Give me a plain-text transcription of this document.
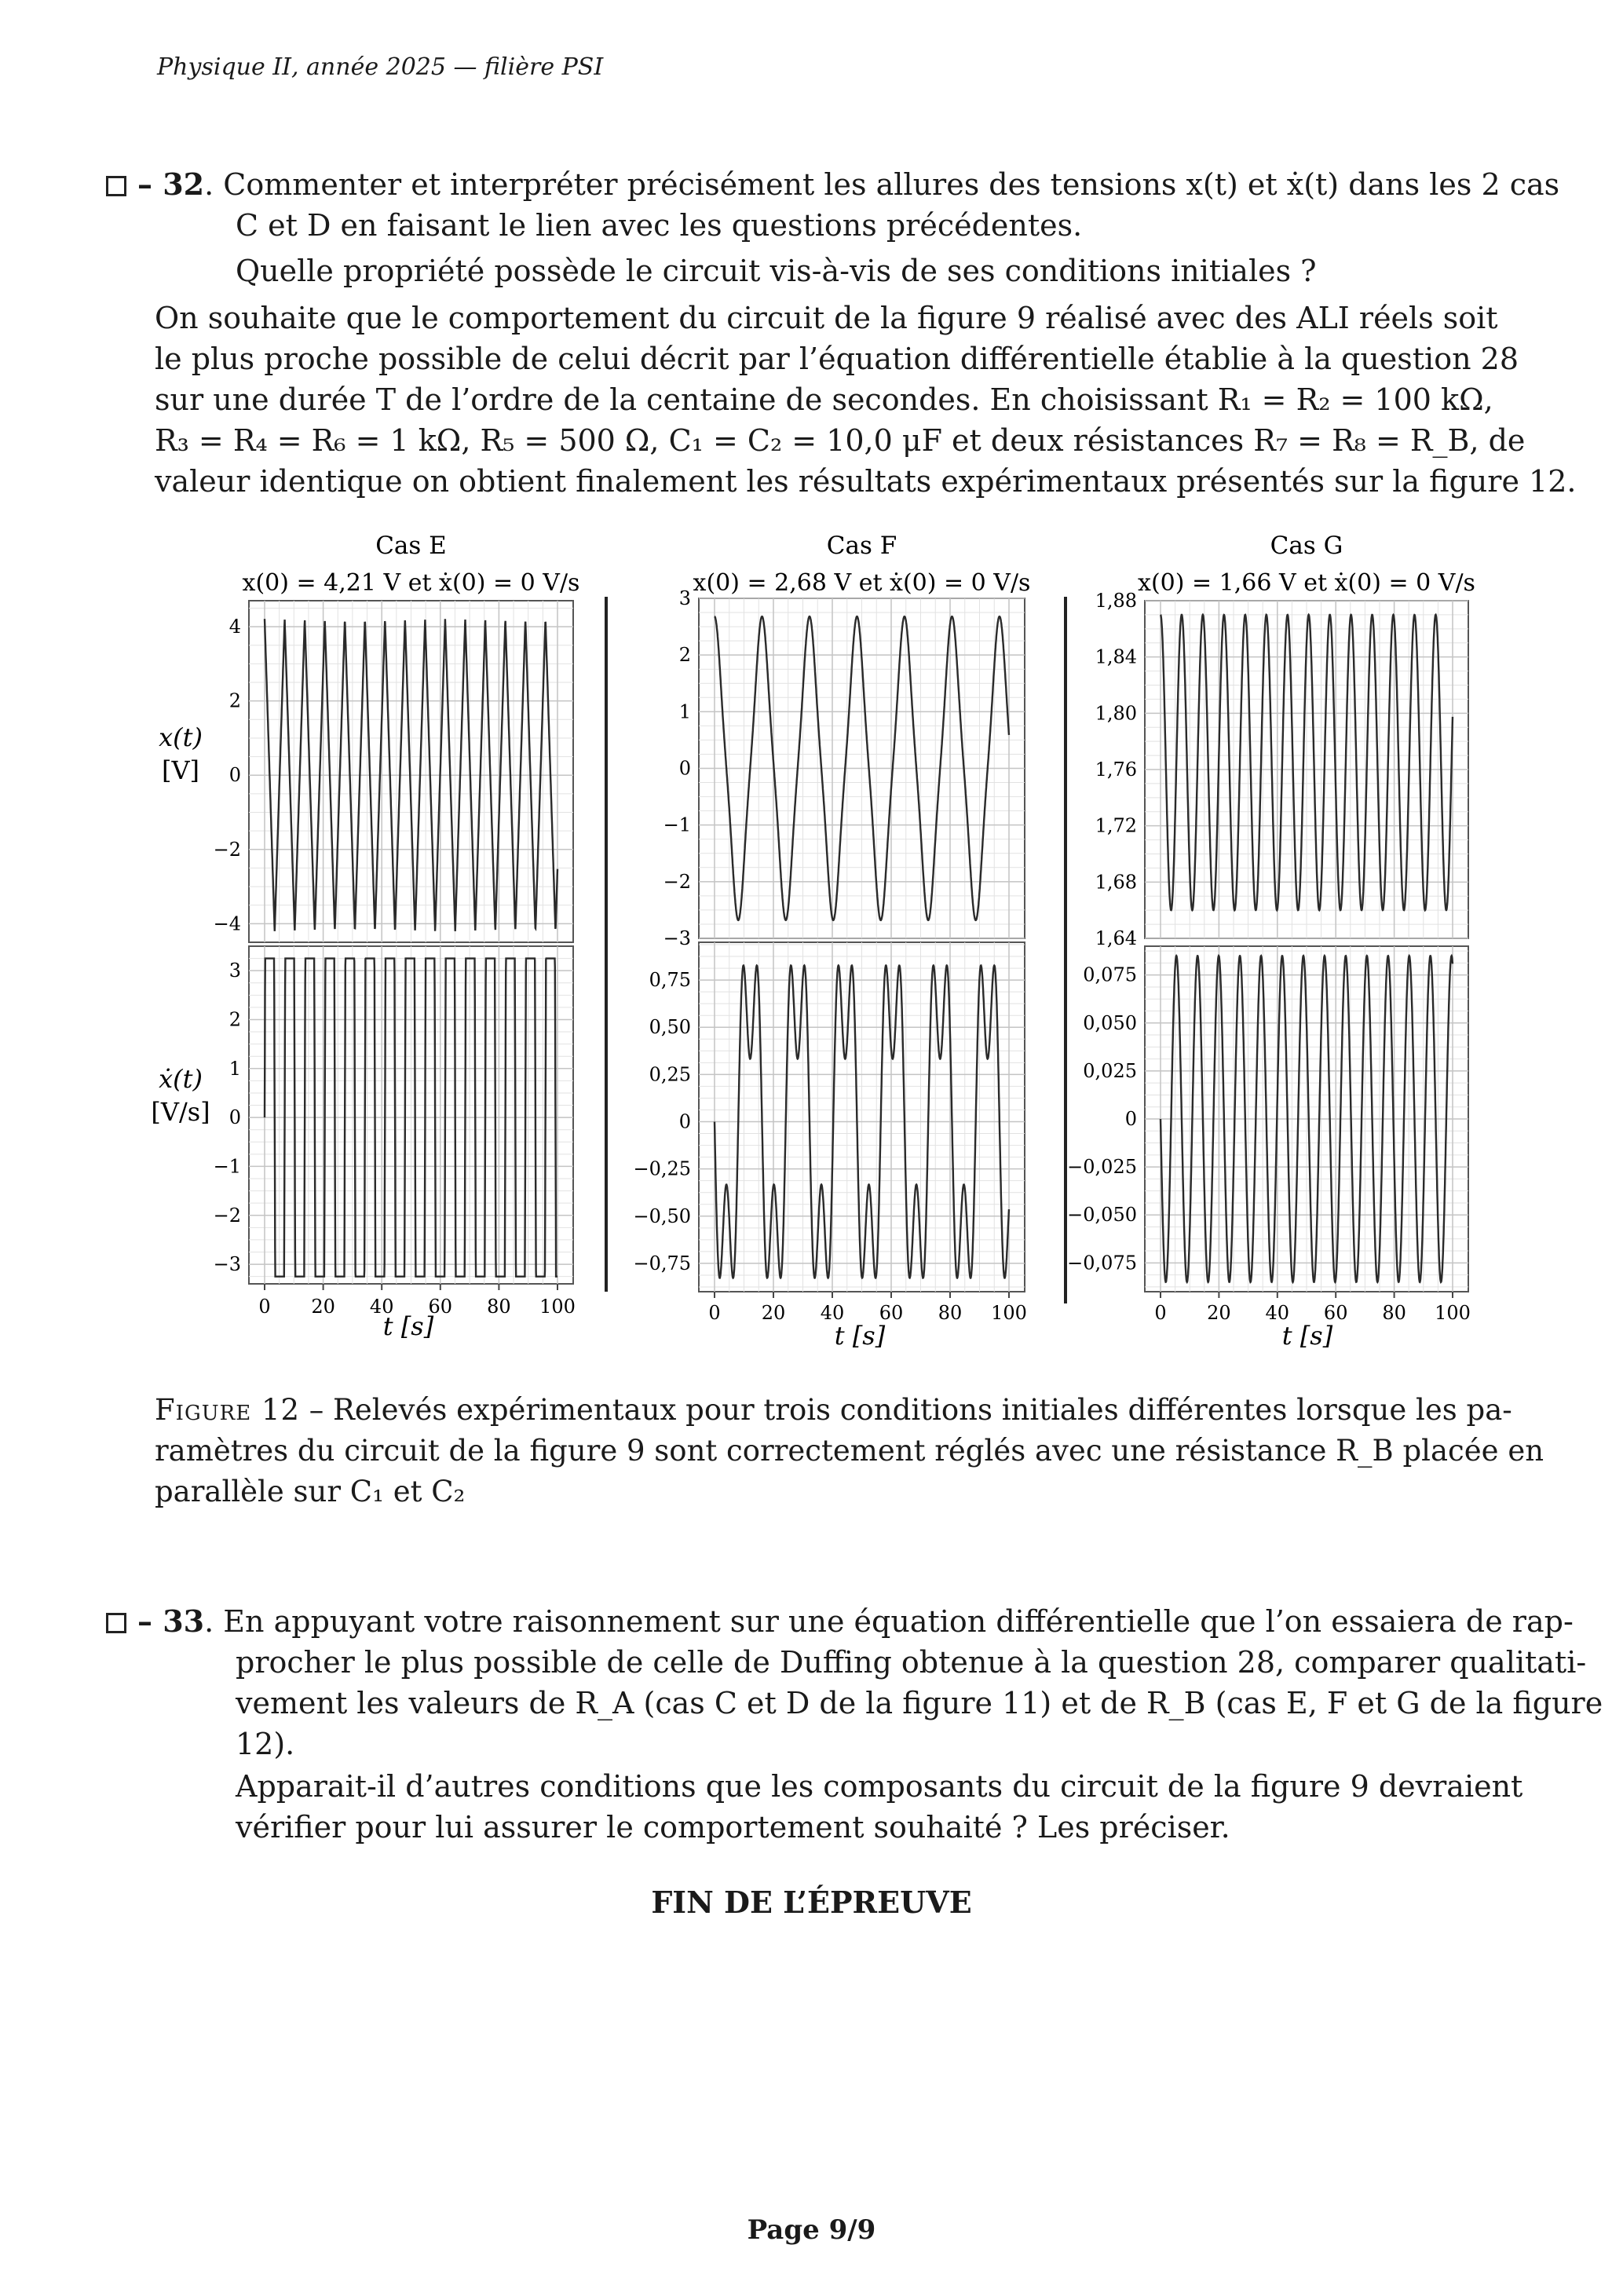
Physique II, année 2025 — filière PSI
– 32. Commenter et interpréter précisément les allures des tensions x(t) et ẋ(t) dans les 2 cas
C et D en faisant le lien avec les questions précédentes.
Quelle propriété possède le circuit vis-à-vis de ses conditions initiales ?
On souhaite que le comportement du circuit de la figure 9 réalisé avec des ALI réels soit
le plus proche possible de celui décrit par l’équation différentielle établie à la question 28
sur une durée T de l’ordre de la centaine de secondes. En choisissant R₁ = R₂ = 100 kΩ,
R₃ = R₄ = R₆ = 1 kΩ, R₅ = 500 Ω, C₁ = C₂ = 10,0 μF et deux résistances R₇ = R₈ = R_B, de
valeur identique on obtient finalement les résultats expérimentaux présentés sur la figure 12.
Cas E
x(0) = 4,21 V et ẋ(0) = 0 V/s
4
2
0
−2
−4
3
2
1
0
−1
−2
−3
0 20 40 60 80 100
Cas F
x(0) = 2,68 V et ẋ(0) = 0 V/s
3
2
1
0
−1
−2
−3
0,75
0,50
0,25
0
−0,25
−0,50
−0,75
0 20 40 60 80 100
Cas G
x(0) = 1,66 V et ẋ(0) = 0 V/s
1,88
1,84
1,80
1,76
1,72
1,68
1,64
0,075
0,050
0,025
0
−0,025
−0,050
−0,075
0 20 40 60 80 100
x(t)
[V]
ẋ(t)
[V/s]
t [s]	t [s]	t [s]
Figure 12 – Relevés expérimentaux pour trois conditions initiales différentes lorsque les pa-
ramètres du circuit de la figure 9 sont correctement réglés avec une résistance R_B placée en
parallèle sur C₁ et C₂
– 33. En appuyant votre raisonnement sur une équation différentielle que l’on essaiera de rap-
procher le plus possible de celle de Duffing obtenue à la question 28, comparer qualitati-
vement les valeurs de R_A (cas C et D de la figure 11) et de R_B (cas E, F et G de la figure
12).
Apparait-il d’autres conditions que les composants du circuit de la figure 9 devraient
vérifier pour lui assurer le comportement souhaité ? Les préciser.
FIN DE L’ÉPREUVE
Page 9/9
